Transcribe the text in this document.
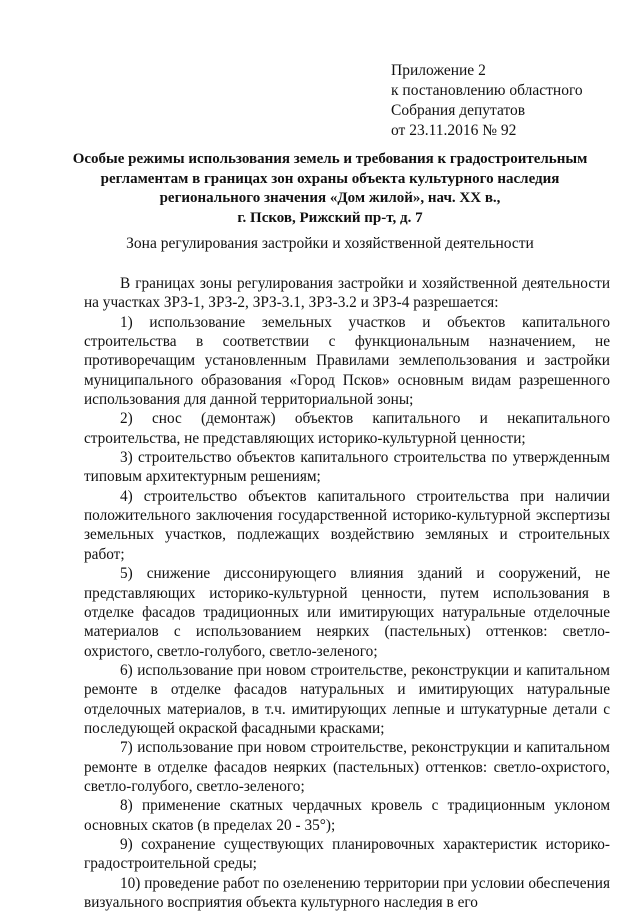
Приложение 2
к постановлению областного
Собрания депутатов
от 23.11.2016 № 92
Особые режимы использования земель и требования к градостроительным
регламентам в границах зон охраны объекта культурного наследия
регионального значения «Дом жилой», нач. XX в.,
г. Псков, Рижский пр-т, д. 7
Зона регулирования застройки и хозяйственной деятельности

В границах зоны регулирования застройки и хозяйственной деятельности на участках ЗРЗ-1, ЗРЗ-2, ЗРЗ-3.1, ЗРЗ-3.2 и ЗРЗ-4 разрешается:

1) использование земельных участков и объектов капитального строительства в соответствии с функциональным назначением, не противоречащим установленным Правилами землепользования и застройки муниципального образования «Город Псков» основным видам разрешенного использования для данной территориальной зоны;

2) снос (демонтаж) объектов капитального и некапитального строительства, не представляющих историко-культурной ценности;

3) строительство объектов капитального строительства по утвержденным типовым архитектурным решениям;

4) строительство объектов капитального строительства при наличии положительного заключения государственной историко-культурной экспертизы земельных участков, подлежащих воздействию земляных и строительных работ;

5) снижение диссонирующего влияния зданий и сооружений, не представляющих историко-культурной ценности, путем использования в отделке фасадов традиционных или имитирующих натуральные отделочные материалов с использованием неярких (пастельных) оттенков: светло-охристого, светло-голубого, светло-зеленого;

6) использование при новом строительстве, реконструкции и капитальном ремонте в отделке фасадов натуральных и имитирующих натуральные отделочных материалов, в т.ч. имитирующих лепные и штукатурные детали с последующей окраской фасадными красками;

7) использование при новом строительстве, реконструкции и капитальном ремонте в отделке фасадов неярких (пастельных) оттенков: светло-охристого, светло-голубого, светло-зеленого;

8) применение скатных чердачных кровель с традиционным уклоном основных скатов (в пределах 20 - 35°);

9) сохранение существующих планировочных характеристик историко-градостроительной среды;

10) проведение работ по озеленению территории при условии обеспечения визуального восприятия объекта культурного наследия в его
